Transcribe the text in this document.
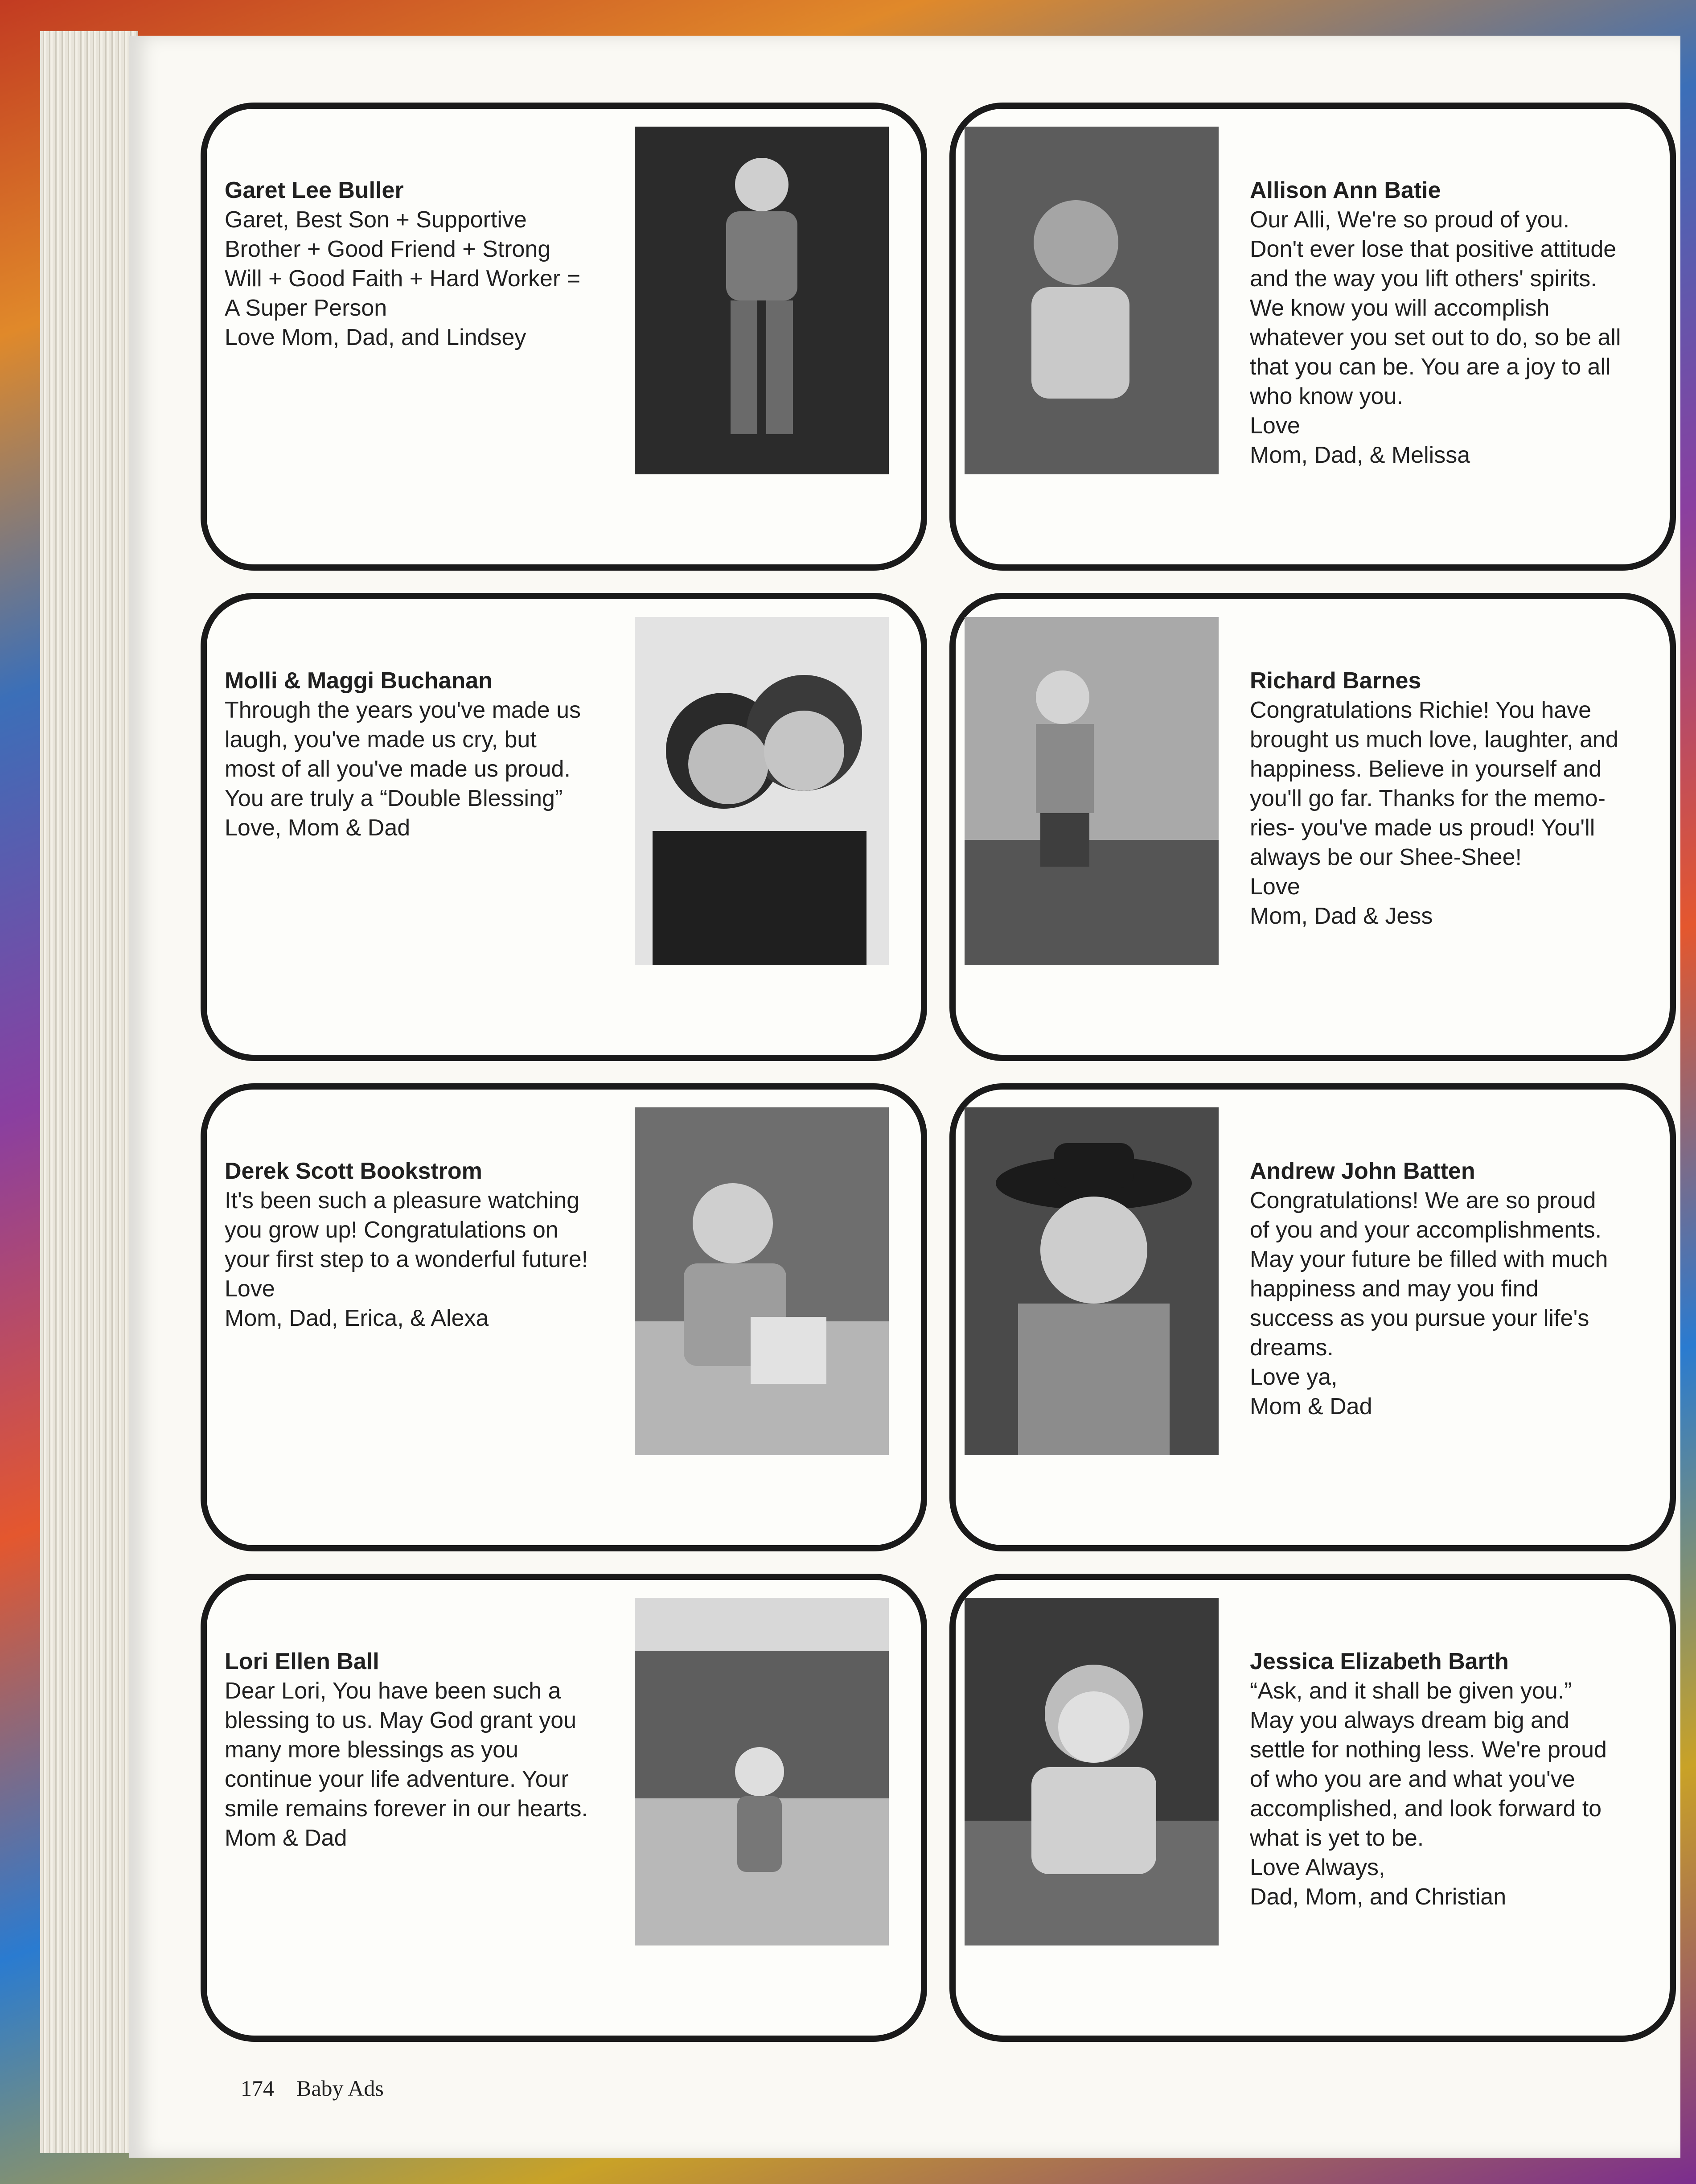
Garet Lee Buller
Garet, Best Son + Supportive
Brother + Good Friend + Strong
Will + Good Faith + Hard Worker =
A Super Person
Love Mom, Dad, and Lindsey
Allison Ann Batie
Our Alli, We're so proud of you.
Don't ever lose that positive attitude
and the way you lift others' spirits.
We know you will accomplish
whatever you set out to do, so be all
that you can be. You are a joy to all
who know you.
Love
Mom, Dad, & Melissa
Molli & Maggi Buchanan
Through the years you've made us
laugh, you've made us cry, but
most of all you've made us proud.
You are truly a “Double Blessing”
Love, Mom & Dad
Richard Barnes
Congratulations Richie! You have
brought us much love, laughter, and
happiness. Believe in yourself and
you'll go far. Thanks for the memo-
ries- you've made us proud! You'll
always be our Shee-Shee!
Love
Mom, Dad & Jess
Derek Scott Bookstrom
It's been such a pleasure watching
you grow up! Congratulations on
your first step to a wonderful future!
Love
Mom, Dad, Erica, & Alexa
Andrew John Batten
Congratulations! We are so proud
of you and your accomplishments.
May your future be filled with much
happiness and may you find
success as you pursue your life's
dreams.
Love ya,
Mom & Dad
Lori Ellen Ball
Dear Lori, You have been such a
blessing to us. May God grant you
many more blessings as you
continue your life adventure. Your
smile remains forever in our hearts.
Mom & Dad
Jessica Elizabeth Barth
“Ask, and it shall be given you.”
May you always dream big and
settle for nothing less. We're proud
of who you are and what you've
accomplished, and look forward to
what is yet to be.
Love Always,
Dad, Mom, and Christian
174 Baby Ads
